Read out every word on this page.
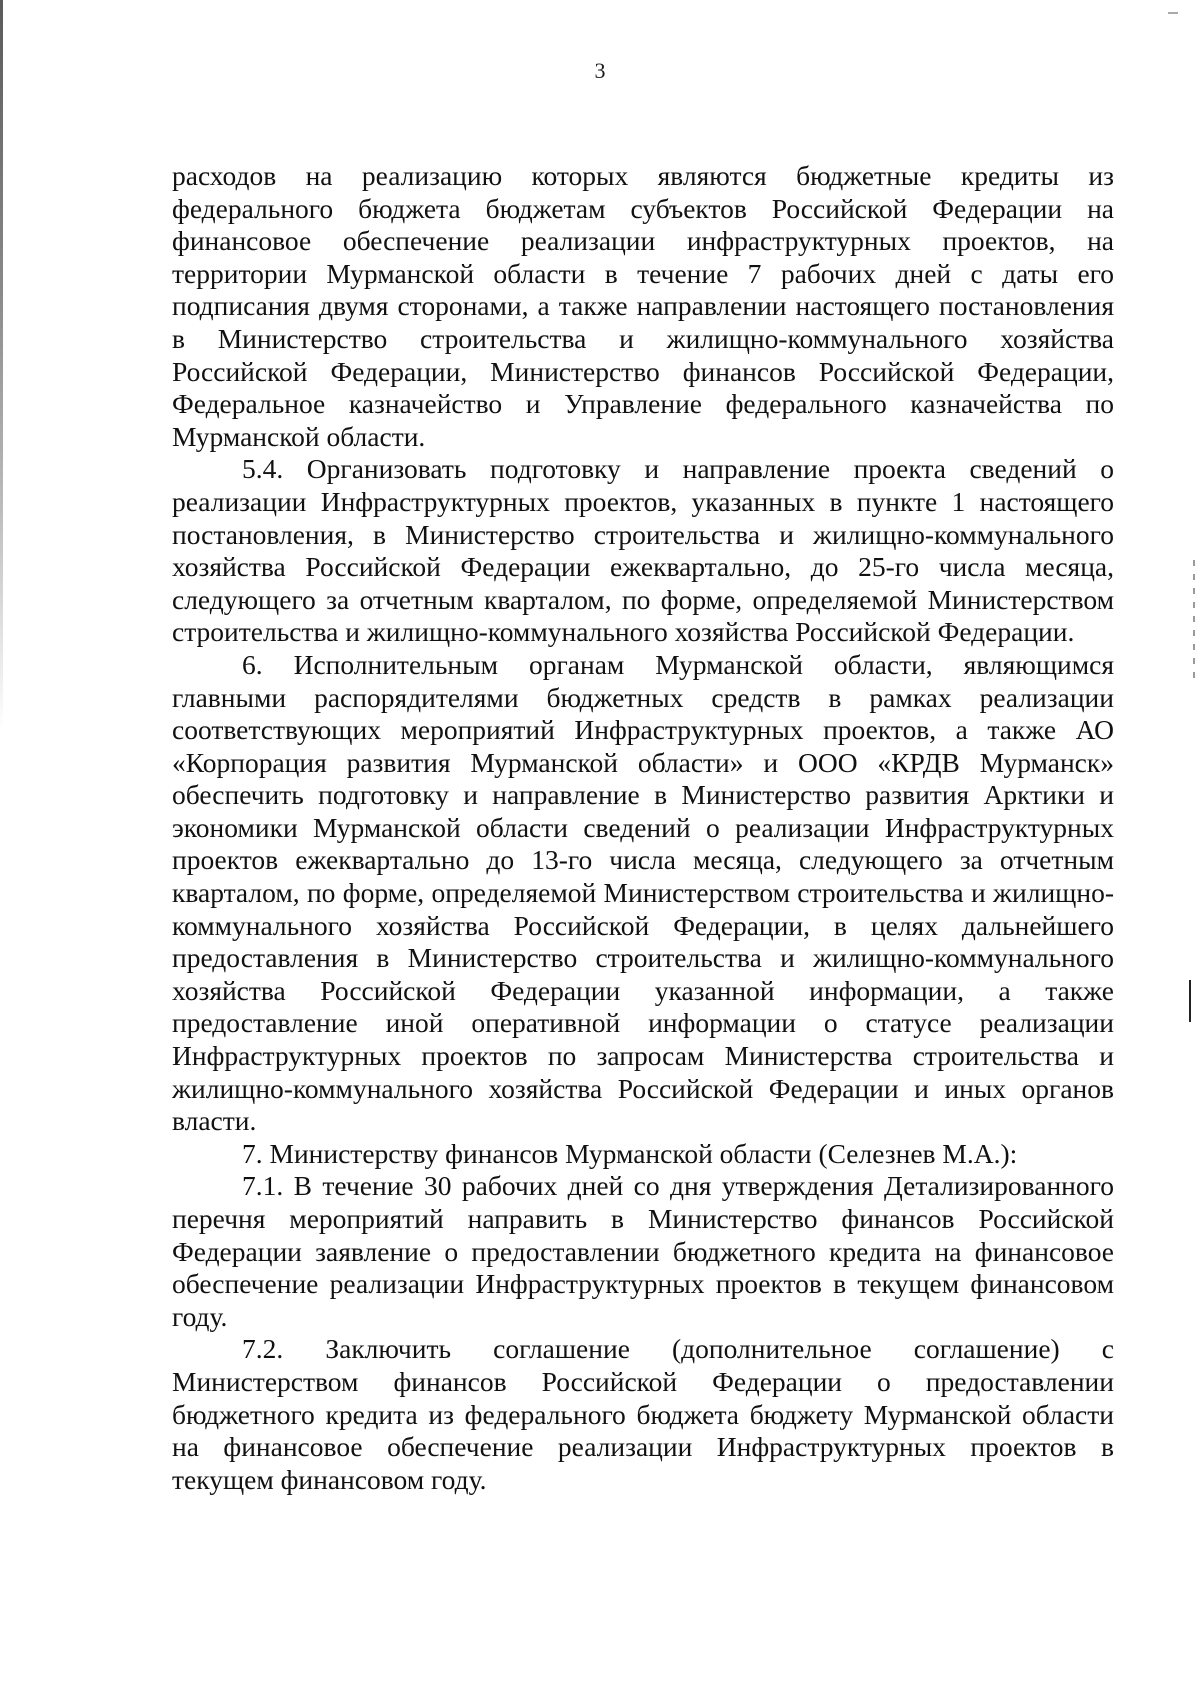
3

расходов на реализацию которых являются бюджетные кредиты из федерального бюджета бюджетам субъектов Российской Федерации на финансовое обеспечение реализации инфраструктурных проектов, на территории Мурманской области в течение 7 рабочих дней с даты его подписания двумя сторонами, а также направлении настоящего постановления в Министерство строительства и жилищно-коммунального хозяйства Российской Федерации, Министерство финансов Российской Федерации, Федеральное казначейство и Управление федерального казначейства по Мурманской области.

5.4. Организовать подготовку и направление проекта сведений о реализации Инфраструктурных проектов, указанных в пункте 1 настоящего постановления, в Министерство строительства и жилищно-коммунального хозяйства Российской Федерации ежеквартально, до 25-го числа месяца, следующего за отчетным кварталом, по форме, определяемой Министерством строительства и жилищно-коммунального хозяйства Российской Федерации.

6. Исполнительным органам Мурманской области, являющимся главными распорядителями бюджетных средств в рамках реализации соответствующих мероприятий Инфраструктурных проектов, а также АО «Корпорация развития Мурманской области» и ООО «КРДВ Мурманск» обеспечить подготовку и направление в Министерство развития Арктики и экономики Мурманской области сведений о реализации Инфраструктурных проектов ежеквартально до 13-го числа месяца, следующего за отчетным кварталом, по форме, определяемой Министерством строительства и жилищно-коммунального хозяйства Российской Федерации, в целях дальнейшего предоставления в Министерство строительства и жилищно-коммунального хозяйства Российской Федерации указанной информации, а также предоставление иной оперативной информации о статусе реализации Инфраструктурных проектов по запросам Министерства строительства и жилищно-коммунального хозяйства Российской Федерации и иных органов власти.

7. Министерству финансов Мурманской области (Селезнев М.А.):

7.1. В течение 30 рабочих дней со дня утверждения Детализированного перечня мероприятий направить в Министерство финансов Российской Федерации заявление о предоставлении бюджетного кредита на финансовое обеспечение реализации Инфраструктурных проектов в текущем финансовом году.

7.2. Заключить соглашение (дополнительное соглашение) с Министерством финансов Российской Федерации о предоставлении бюджетного кредита из федерального бюджета бюджету Мурманской области на финансовое обеспечение реализации Инфраструктурных проектов в текущем финансовом году.
